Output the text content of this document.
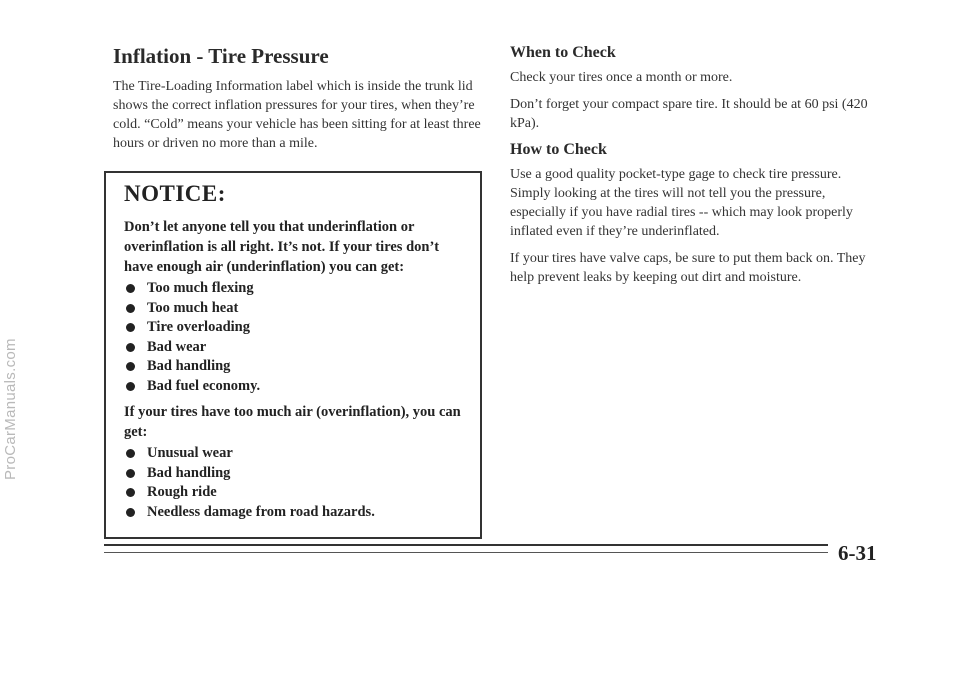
ProCarManuals.com
Inflation - Tire Pressure

The Tire-Loading Information label which is inside the trunk lid shows the correct inflation pressures for your tires, when they’re cold. “Cold” means your vehicle has been sitting for at least three hours or driven no more than a mile.

NOTICE:

Don’t let anyone tell you that underinflation or overinflation is all right. It’s not. If your tires don’t have enough air (underinflation) you can get:

Too much flexing
Too much heat
Tire overloading
Bad wear
Bad handling
Bad fuel economy.

If your tires have too much air (overinflation), you can get:

Unusual wear
Bad handling
Rough ride
Needless damage from road hazards.
When to Check

Check your tires once a month or more.

Don’t forget your compact spare tire. It should be at 60 psi (420 kPa).

How to Check

Use a good quality pocket-type gage to check tire pressure. Simply looking at the tires will not tell you the pressure, especially if you have radial tires -- which may look properly inflated even if they’re underinflated.

If your tires have valve caps, be sure to put them back on. They help prevent leaks by keeping out dirt and moisture.

6-31
